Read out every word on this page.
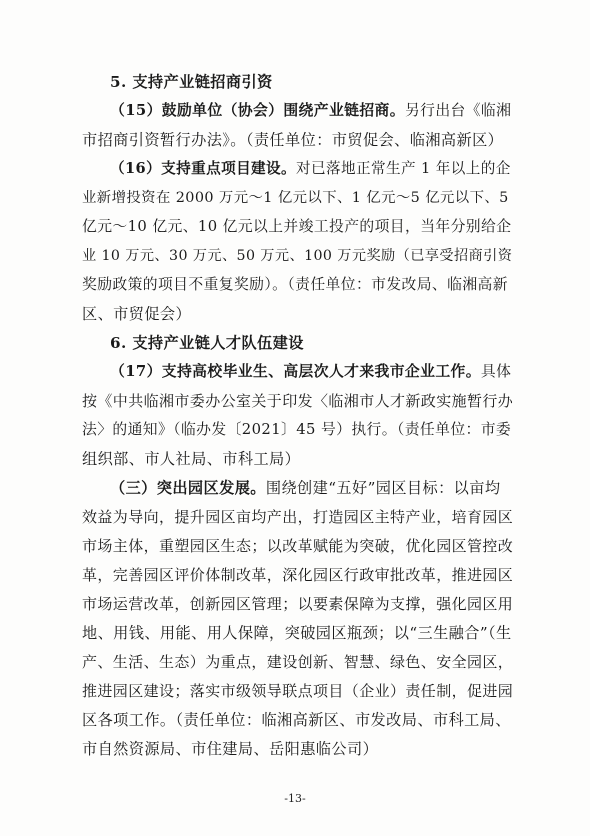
5. 支持产业链招商引资
（15）鼓励单位（协会）围绕产业链招商。另行出台《临湘
市招商引资暂行办法》。（责任单位：市贸促会、临湘高新区）
（16）支持重点项目建设。对已落地正常生产 1 年以上的企
业新增投资在 2000 万元～1 亿元以下、1 亿元～5 亿元以下、5
亿元～10 亿元、10 亿元以上并竣工投产的项目，当年分别给企
业 10 万元、30 万元、50 万元、100 万元奖励（已享受招商引资
奖励政策的项目不重复奖励）。（责任单位：市发改局、临湘高新
区、市贸促会）
6. 支持产业链人才队伍建设
（17）支持高校毕业生、高层次人才来我市企业工作。具体
按《中共临湘市委办公室关于印发〈临湘市人才新政实施暂行办
法〉的通知》（临办发〔2021〕45 号）执行。（责任单位：市委
组织部、市人社局、市科工局）
（三）突出园区发展。围绕创建“五好”园区目标：以亩均
效益为导向，提升园区亩均产出，打造园区主特产业，培育园区
市场主体，重塑园区生态；以改革赋能为突破，优化园区管控改
革，完善园区评价体制改革，深化园区行政审批改革，推进园区
市场运营改革，创新园区管理；以要素保障为支撑，强化园区用
地、用钱、用能、用人保障，突破园区瓶颈；以“三生融合”（生
产、生活、生态）为重点，建设创新、智慧、绿色、安全园区，
推进园区建设；落实市级领导联点项目（企业）责任制，促进园
区各项工作。（责任单位：临湘高新区、市发改局、市科工局、
市自然资源局、市住建局、岳阳惠临公司）
-13-
